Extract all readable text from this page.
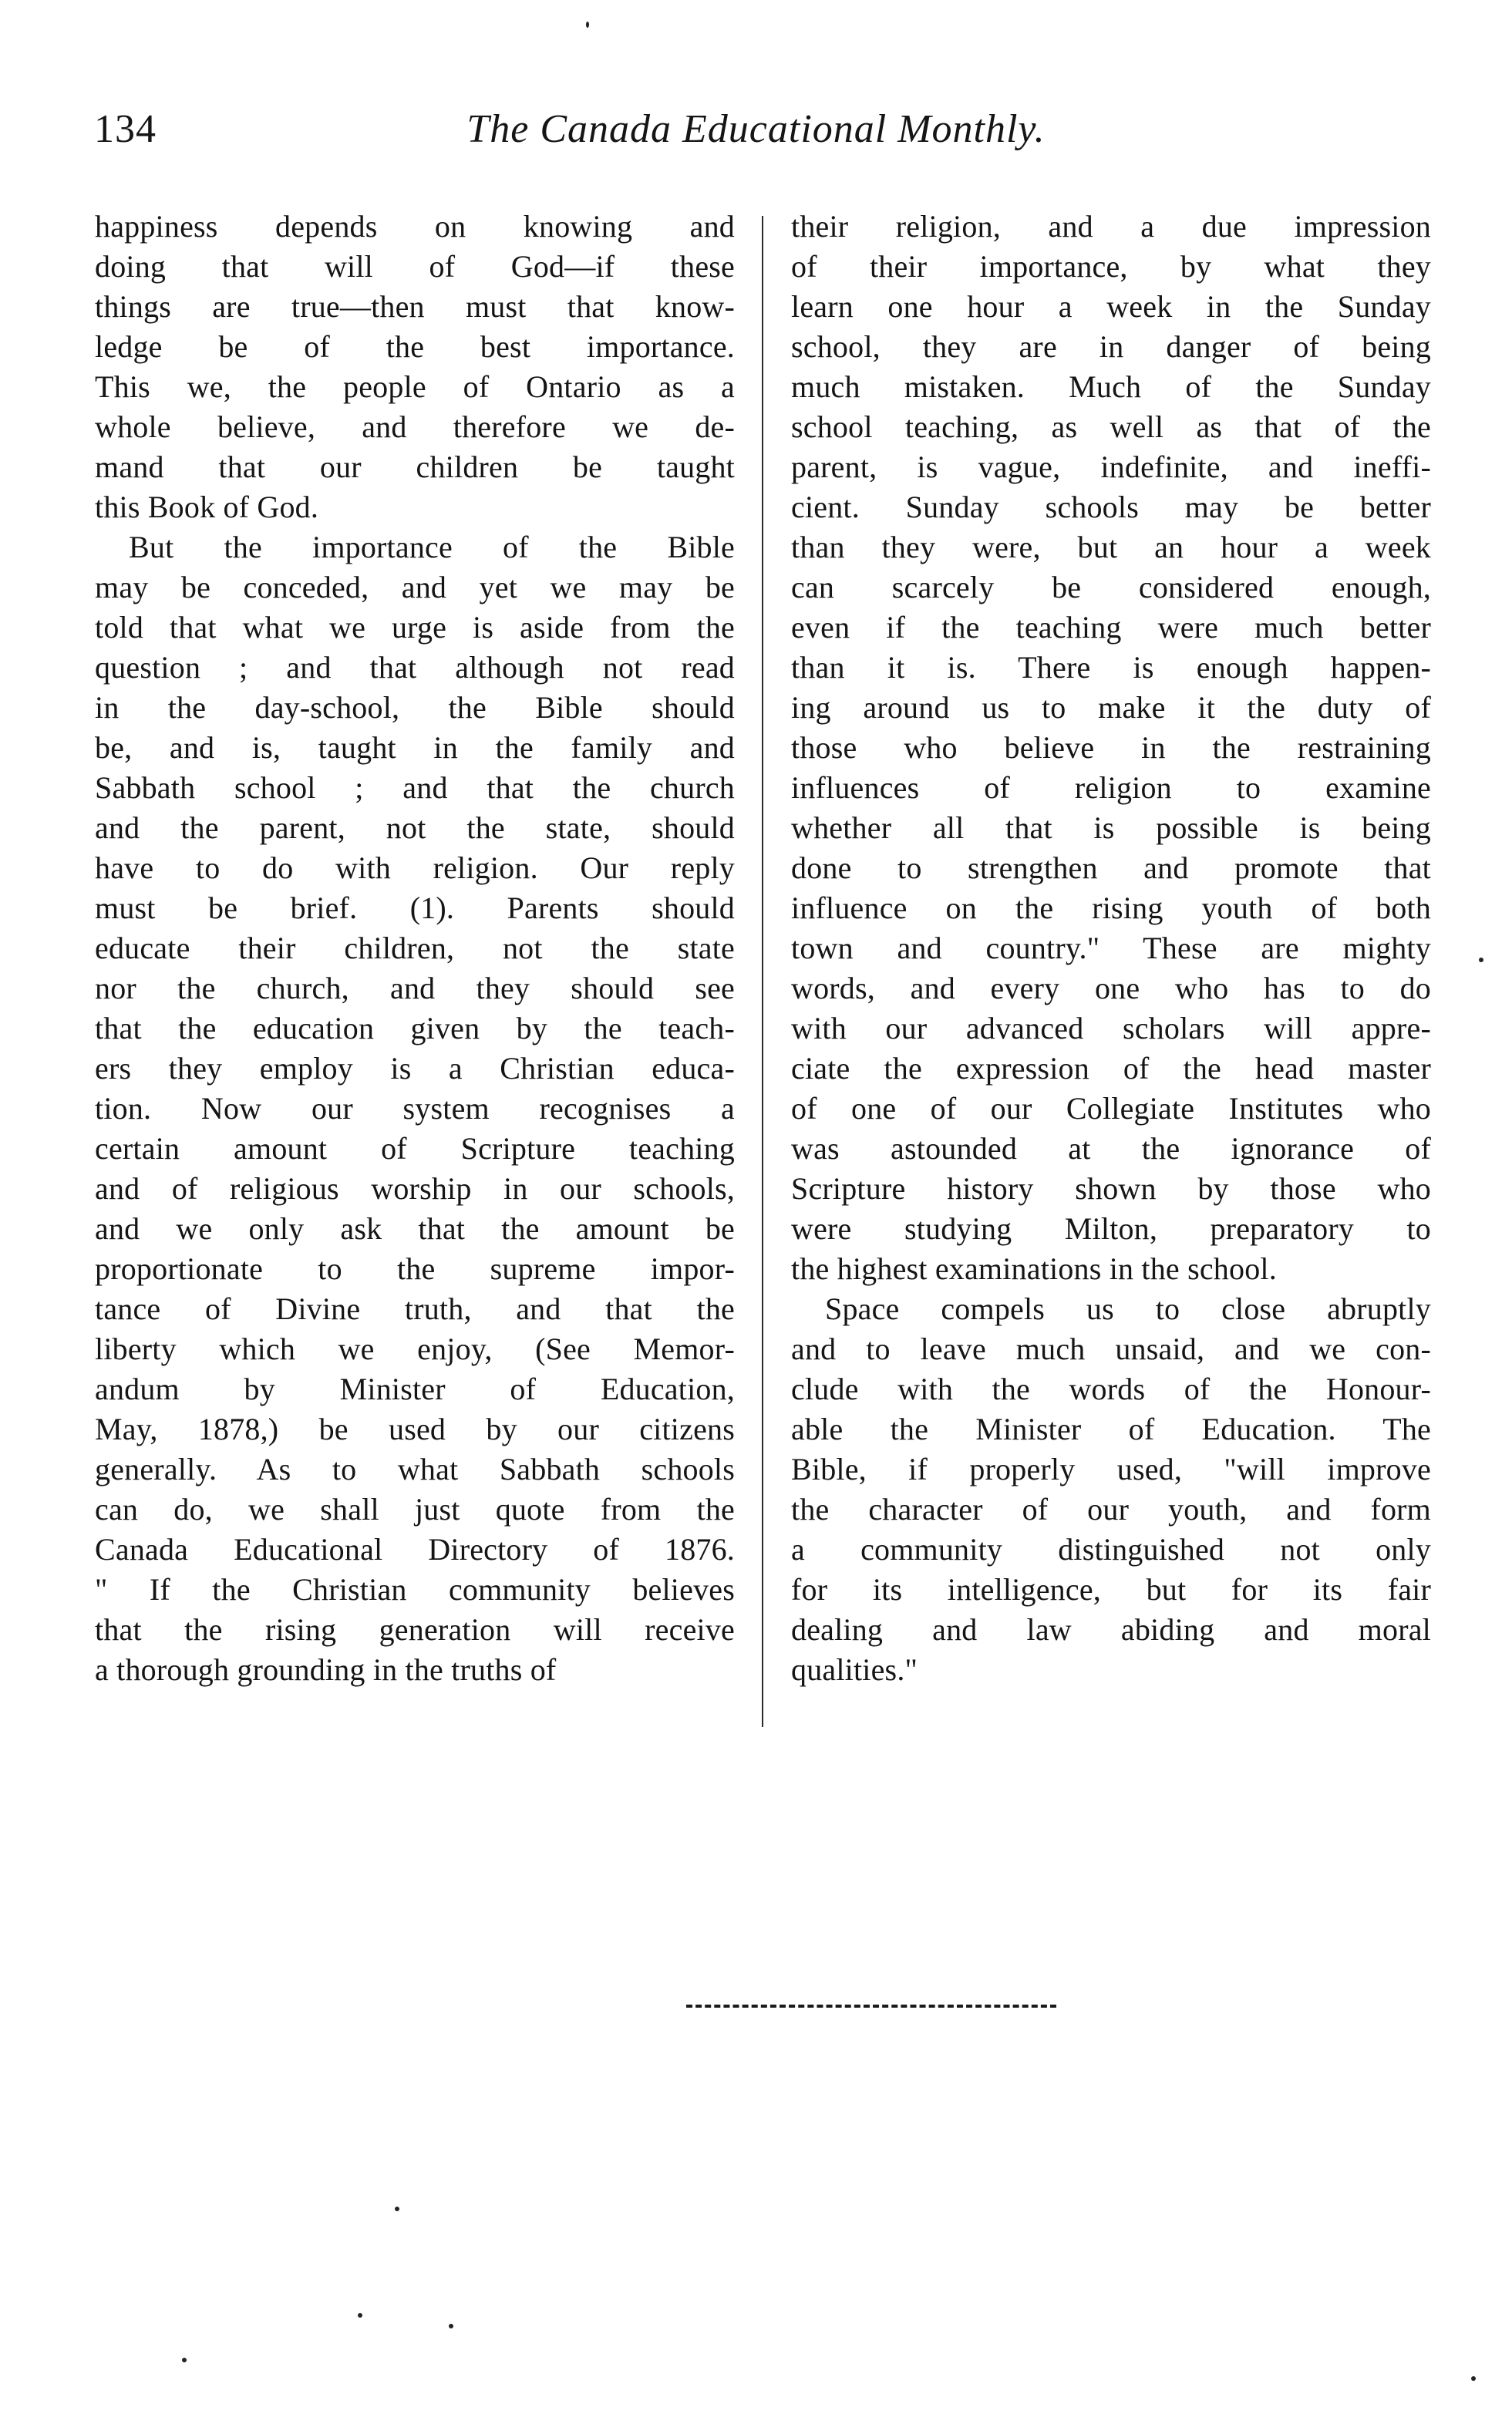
134	The Canada Educational Monthly.
happiness depends on knowing and
doing that will of God—if these
things are true—then must that know-
ledge be of the best importance.
This we, the people of Ontario as a
whole believe, and therefore we de-
mand that our children be taught
this Book of God.
But the importance of the Bible
may be conceded, and yet we may be
told that what we urge is aside from the
question ; and that although not read
in the day-school, the Bible should
be, and is, taught in the family and
Sabbath school ; and that the church
and the parent, not the state, should
have to do with religion. Our reply
must be brief. (1). Parents should
educate their children, not the state
nor the church, and they should see
that the education given by the teach-
ers they employ is a Christian educa-
tion. Now our system recognises a
certain amount of Scripture teaching
and of religious worship in our schools,
and we only ask that the amount be
proportionate to the supreme impor-
tance of Divine truth, and that the
liberty which we enjoy, (See Memor-
andum by Minister of Education,
May, 1878,) be used by our citizens
generally. As to what Sabbath schools
can do, we shall just quote from the
Canada Educational Directory of 1876.
" If the Christian community believes
that the rising generation will receive
a thorough grounding in the truths of
their religion, and a due impression
of their importance, by what they
learn one hour a week in the Sunday
school, they are in danger of being
much mistaken. Much of the Sunday
school teaching, as well as that of the
parent, is vague, indefinite, and ineffi-
cient. Sunday schools may be better
than they were, but an hour a week
can scarcely be considered enough,
even if the teaching were much better
than it is. There is enough happen-
ing around us to make it the duty of
those who believe in the restraining
influences of religion to examine
whether all that is possible is being
done to strengthen and promote that
influence on the rising youth of both
town and country." These are mighty
words, and every one who has to do
with our advanced scholars will appre-
ciate the expression of the head master
of one of our Collegiate Institutes who
was astounded at the ignorance of
Scripture history shown by those who
were studying Milton, preparatory to
the highest examinations in the school.
Space compels us to close abruptly
and to leave much unsaid, and we con-
clude with the words of the Honour-
able the Minister of Education. The
Bible, if properly used, "will improve
the character of our youth, and form
a community distinguished not only
for its intelligence, but for its fair
dealing and law abiding and moral
qualities."
